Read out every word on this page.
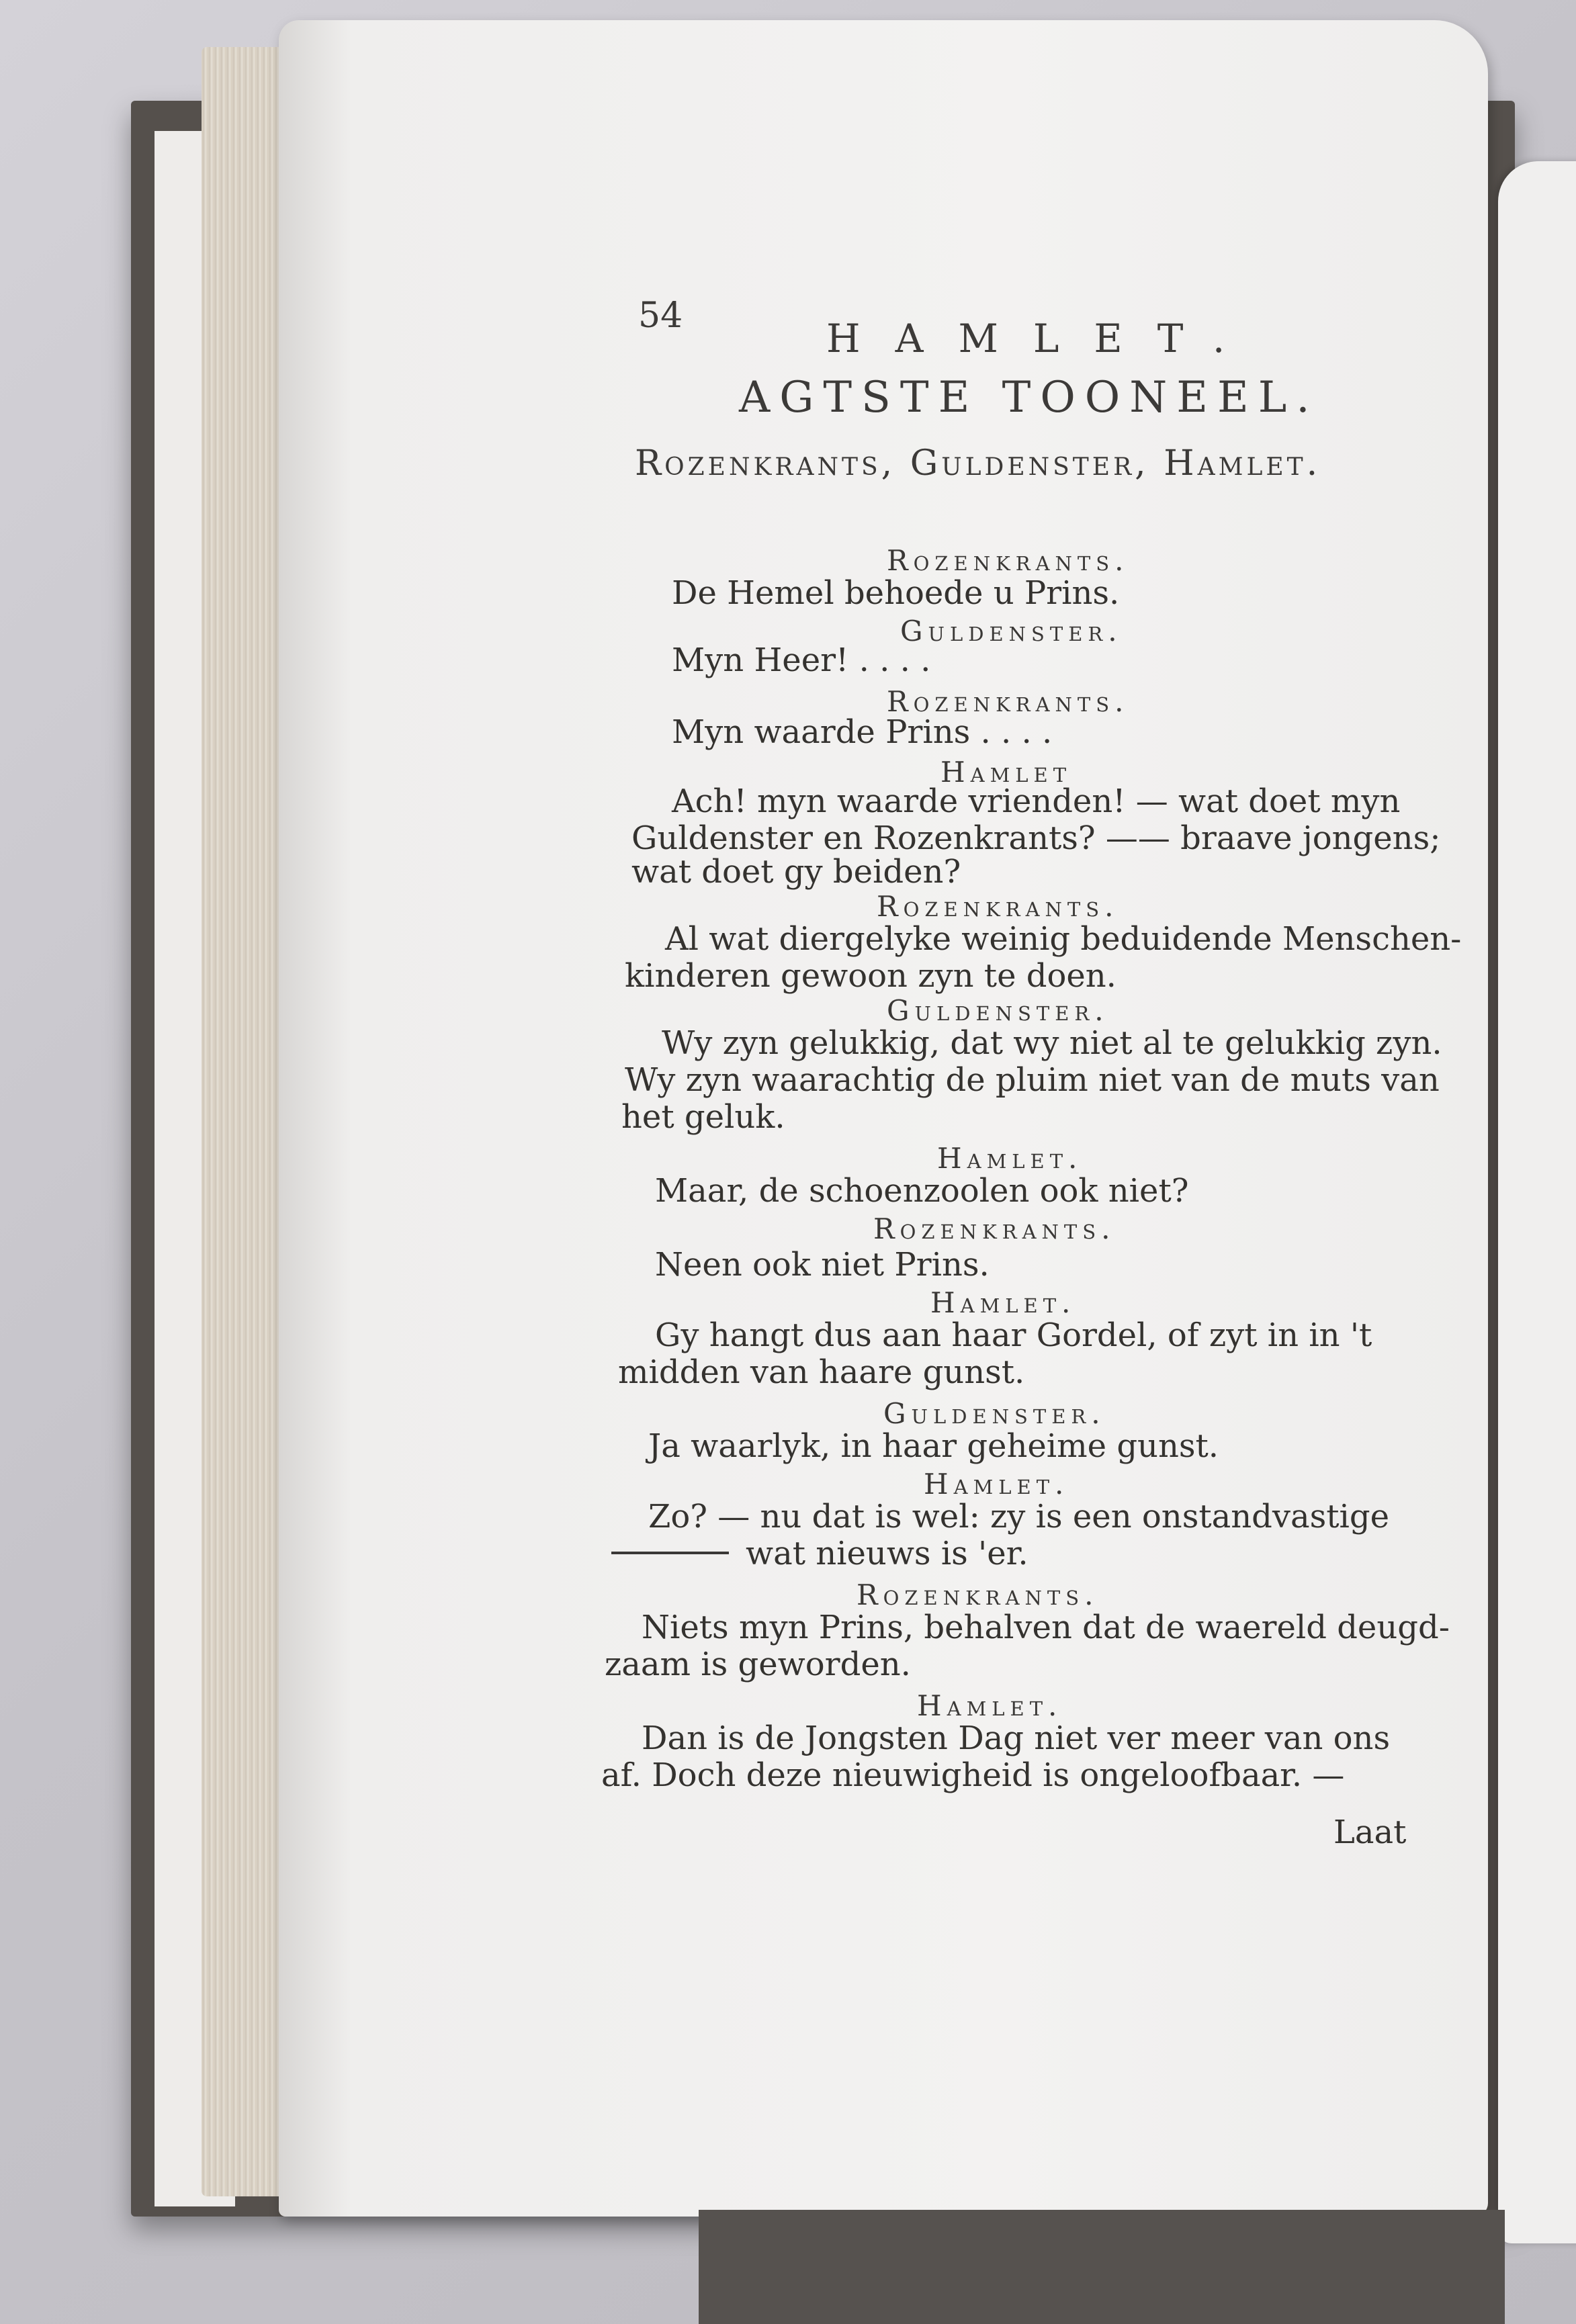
54	HAMLET.
AGTSTE TOONEEL.
Rozenkrants, Guldenster, Hamlet.
Rozenkrants.
De Hemel behoede u Prins.
Guldenster.
Myn Heer! . . . .
Rozenkrants.
Myn waarde Prins . . . .
Hamlet
Ach! myn waarde vrienden! — wat doet myn
Guldenster en Rozenkrants? —— braave jongens;
wat doet gy beiden?
Rozenkrants.
Al wat diergelyke weinig beduidende Menschen-
kinderen gewoon zyn te doen.
Guldenster.
Wy zyn gelukkig, dat wy niet al te gelukkig zyn.
Wy zyn waarachtig de pluim niet van de muts van
het geluk.
Hamlet.
Maar, de schoenzoolen ook niet?
Rozenkrants.
Neen ook niet Prins.
Hamlet.
Gy hangt dus aan haar Gordel, of zyt in in 't
midden van haare gunst.
Guldenster.
Ja waarlyk, in haar geheime gunst.
Hamlet.
Zo? — nu dat is wel: zy is een onstandvastige
wat nieuws is 'er.
Rozenkrants.
Niets myn Prins, behalven dat de waereld deugd-
zaam is geworden.
Hamlet.
Dan is de Jongsten Dag niet ver meer van ons
af. Doch deze nieuwigheid is ongeloofbaar. —
Laat
